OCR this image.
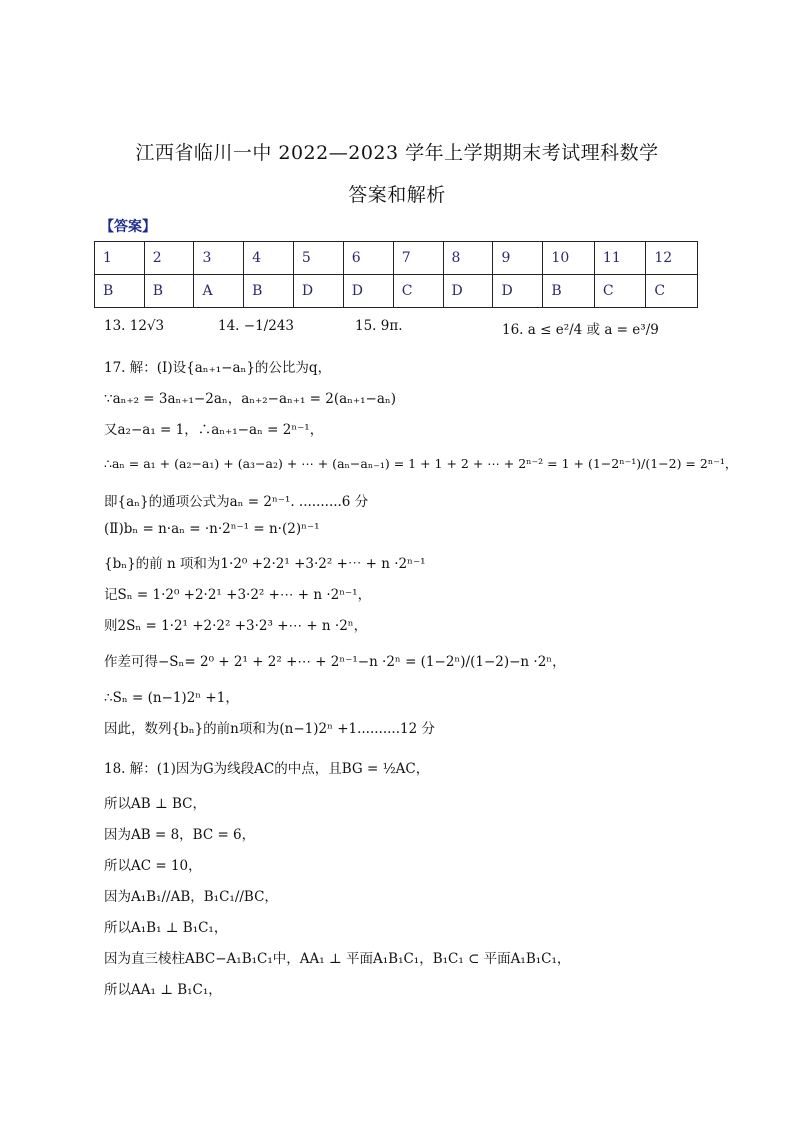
江西省临川一中 2022—2023 学年上学期期末考试理科数学
答案和解析
【答案】
1	2	3	4	5	6	7	8	9	10	11	12
B	B	A	B	D	D	C	D	D	B	C	C
13. 12√3	14. −1/243	15. 9π.	16. a ≤ e²/4 或 a = e³/9
17. 解：(I)设{aₙ₊₁−aₙ}的公比为q，
∵aₙ₊₂ = 3aₙ₊₁−2aₙ，aₙ₊₂−aₙ₊₁ = 2(aₙ₊₁−aₙ)
又a₂−a₁ = 1，∴aₙ₊₁−aₙ = 2ⁿ⁻¹，
∴aₙ = a₁ + (a₂−a₁) + (a₃−a₂) + ⋯ + (aₙ−aₙ₋₁) = 1 + 1 + 2 + ⋯ + 2ⁿ⁻² = 1 + (1−2ⁿ⁻¹)/(1−2) = 2ⁿ⁻¹，
即{aₙ}的通项公式为aₙ = 2ⁿ⁻¹. ..........6 分
(Ⅱ)bₙ = n·aₙ = ·n·2ⁿ⁻¹ = n·(2)ⁿ⁻¹
{bₙ}的前 n 项和为1·2⁰ +2·2¹ +3·2² +⋯ + n ·2ⁿ⁻¹
记Sₙ = 1·2⁰ +2·2¹ +3·2² +⋯ + n ·2ⁿ⁻¹，
则2Sₙ = 1·2¹ +2·2² +3·2³ +⋯ + n ·2ⁿ，
作差可得−Sₙ= 2⁰ + 2¹ + 2² +⋯ + 2ⁿ⁻¹−n ·2ⁿ = (1−2ⁿ)/(1−2)−n ·2ⁿ，
∴Sₙ = (n−1)2ⁿ +1，
因此，数列{bₙ}的前n项和为(n−1)2ⁿ +1..........12 分
18. 解：(1)因为G为线段AC的中点，且BG = ½AC，
所以AB ⊥ BC，
因为AB = 8，BC = 6，
所以AC = 10，
因为A₁B₁//AB，B₁C₁//BC，
所以A₁B₁ ⊥ B₁C₁，
因为直三棱柱ABC−A₁B₁C₁中，AA₁ ⊥ 平面A₁B₁C₁，B₁C₁ ⊂ 平面A₁B₁C₁，
所以AA₁ ⊥ B₁C₁，
